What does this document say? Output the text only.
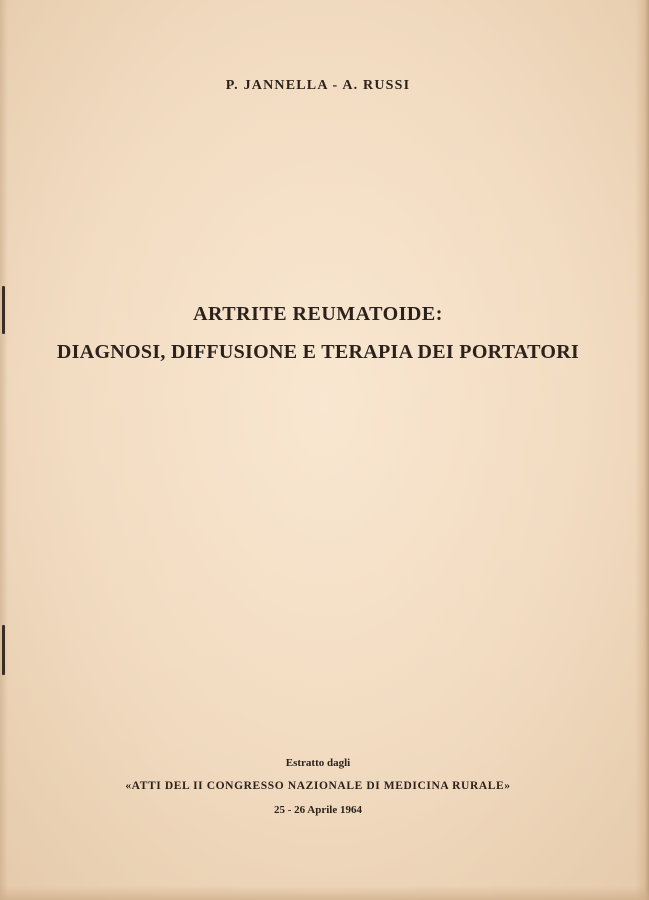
P. JANNELLA - A. RUSSI
ARTRITE REUMATOIDE:
DIAGNOSI, DIFFUSIONE E TERAPIA DEI PORTATORI
Estratto dagli
«ATTI DEL II CONGRESSO NAZIONALE DI MEDICINA RURALE»
25 - 26 Aprile 1964
